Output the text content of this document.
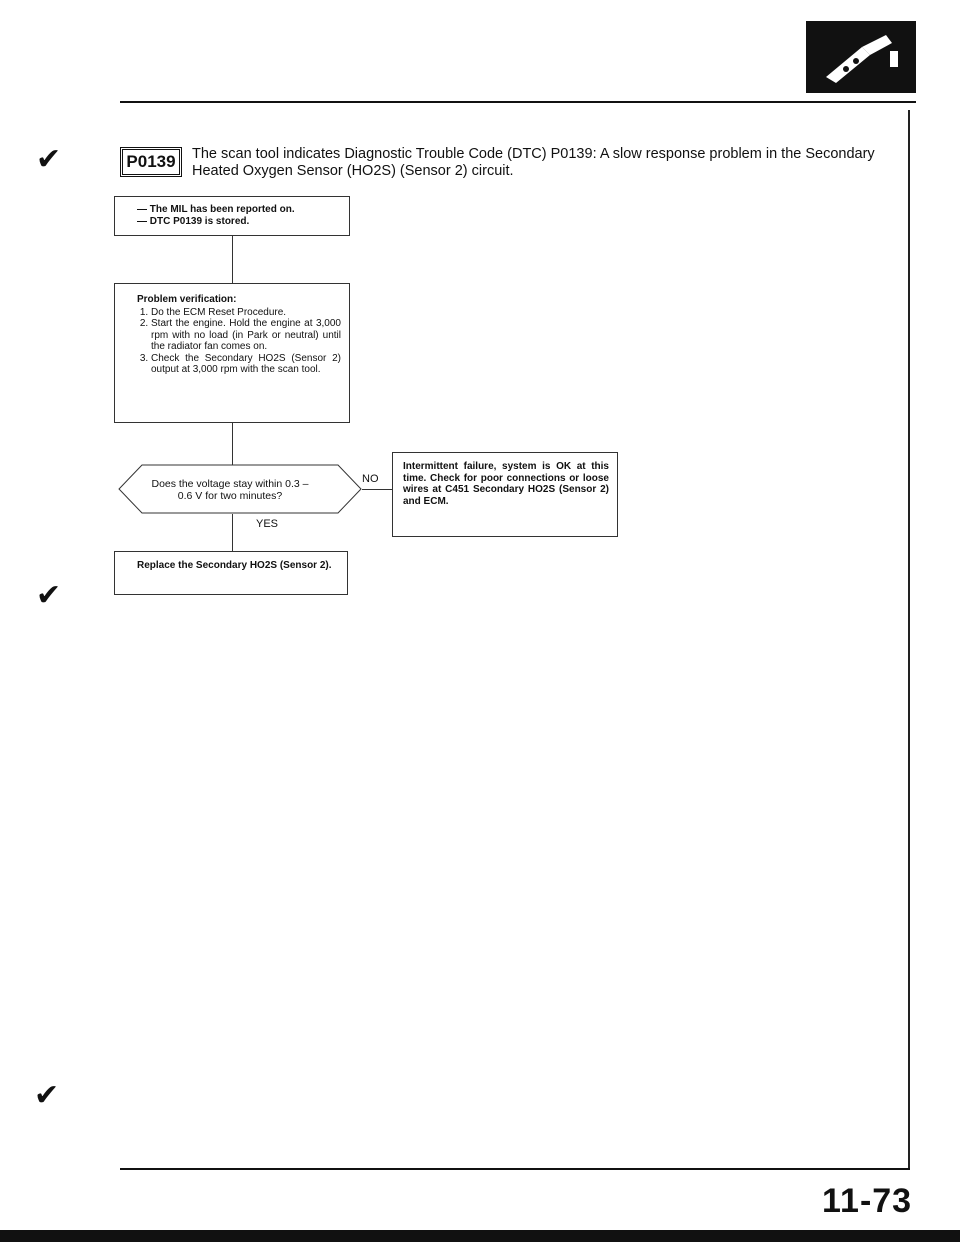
P0139	The scan tool indicates Diagnostic Trouble Code (DTC) P0139: A slow response problem in the Secondary Heated Oxygen Sensor (HO2S) (Sensor 2) circuit.
✔
✔
✔
— The MIL has been reported on.
— DTC P0139 is stored.
Problem verification:
1. Do the ECM Reset Procedure.
2. Start the engine. Hold the engine at 3,000 rpm with no load (in Park or neutral) until the radiator fan comes on.
3. Check the Secondary HO2S (Sensor 2) output at 3,000 rpm with the scan tool.
Does the voltage stay within 0.3 – 0.6 V for two minutes?
NO
Intermittent failure, system is OK at this time. Check for poor connections or loose wires at C451 Secondary HO2S (Sensor 2) and ECM.
YES
Replace the Secondary HO2S (Sensor 2).
11-73
